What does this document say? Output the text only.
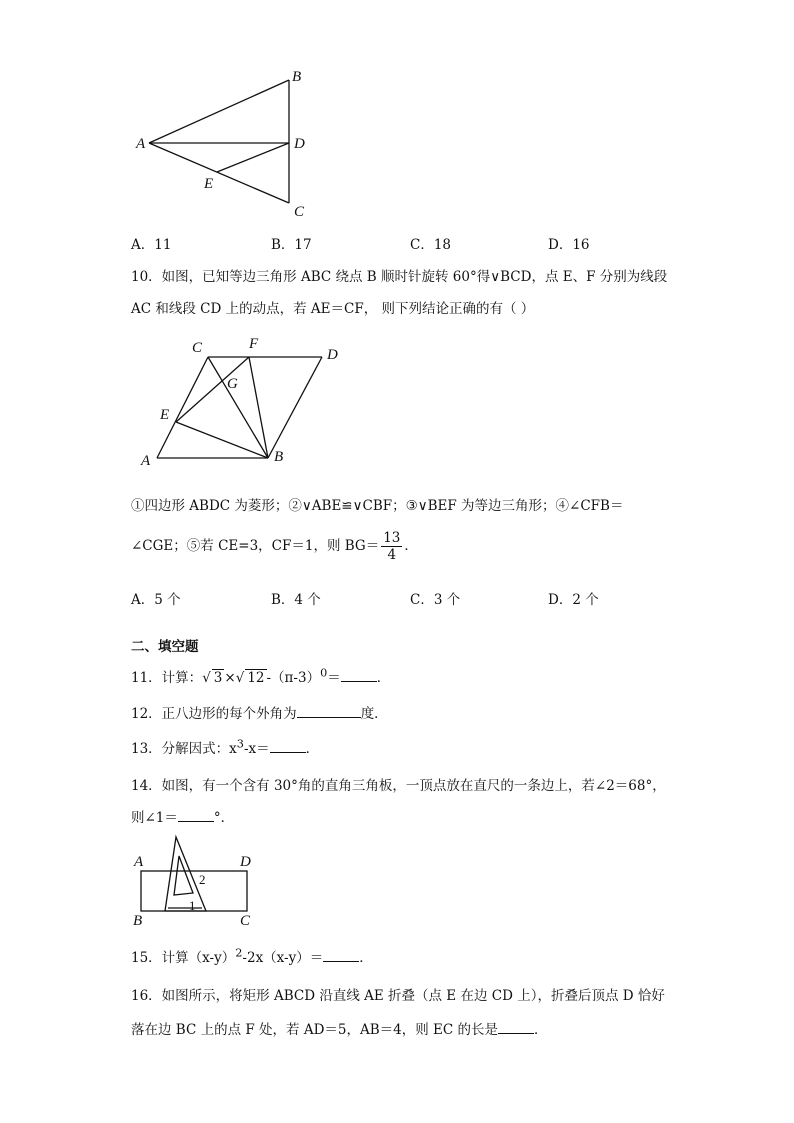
A
B
D
E
C
A．11	B．17	C．18	D．16
10．如图，已知等边三角形 ABC 绕点 B 顺时针旋转 60°得∨BCD，点 E、F 分别为线段
AC 和线段 CD 上的动点，若 AE＝CF， 则下列结论正确的有（ ）
C	F
D
G
E
A	B
①四边形 ABDC 为菱形；②∨ABE≌∨CBF；③∨BEF 为等边三角形；④∠CFB＝
∠CGE；⑤若 CE=3，CF＝1，则 $BG= \frac{13}{4}$ ．
A．5 个	B．4 个	C．3 个	D．2 个
二、填空题
11．计算：√ 3 ×√ 12 $-(\pi-3)^0=$	．
12．正八边形的每个外角为	度．
13．分解因式：$x^3-x=$	．
14．如图，有一个含有 30°角的直角三角板，一顶点放在直尺的一条边上，若∠2＝68°，
则∠1＝	°．
A	D
B	C
2
1
15．计算$(x-y)^2-2x(x-y)=$	．
16．如图所示，将矩形 ABCD 沿直线 AE 折叠（点 E 在边 CD 上），折叠后顶点 D 恰好
落在边 BC 上的点 F 处，若 AD＝5，AB＝4，则 EC 的长是	．
